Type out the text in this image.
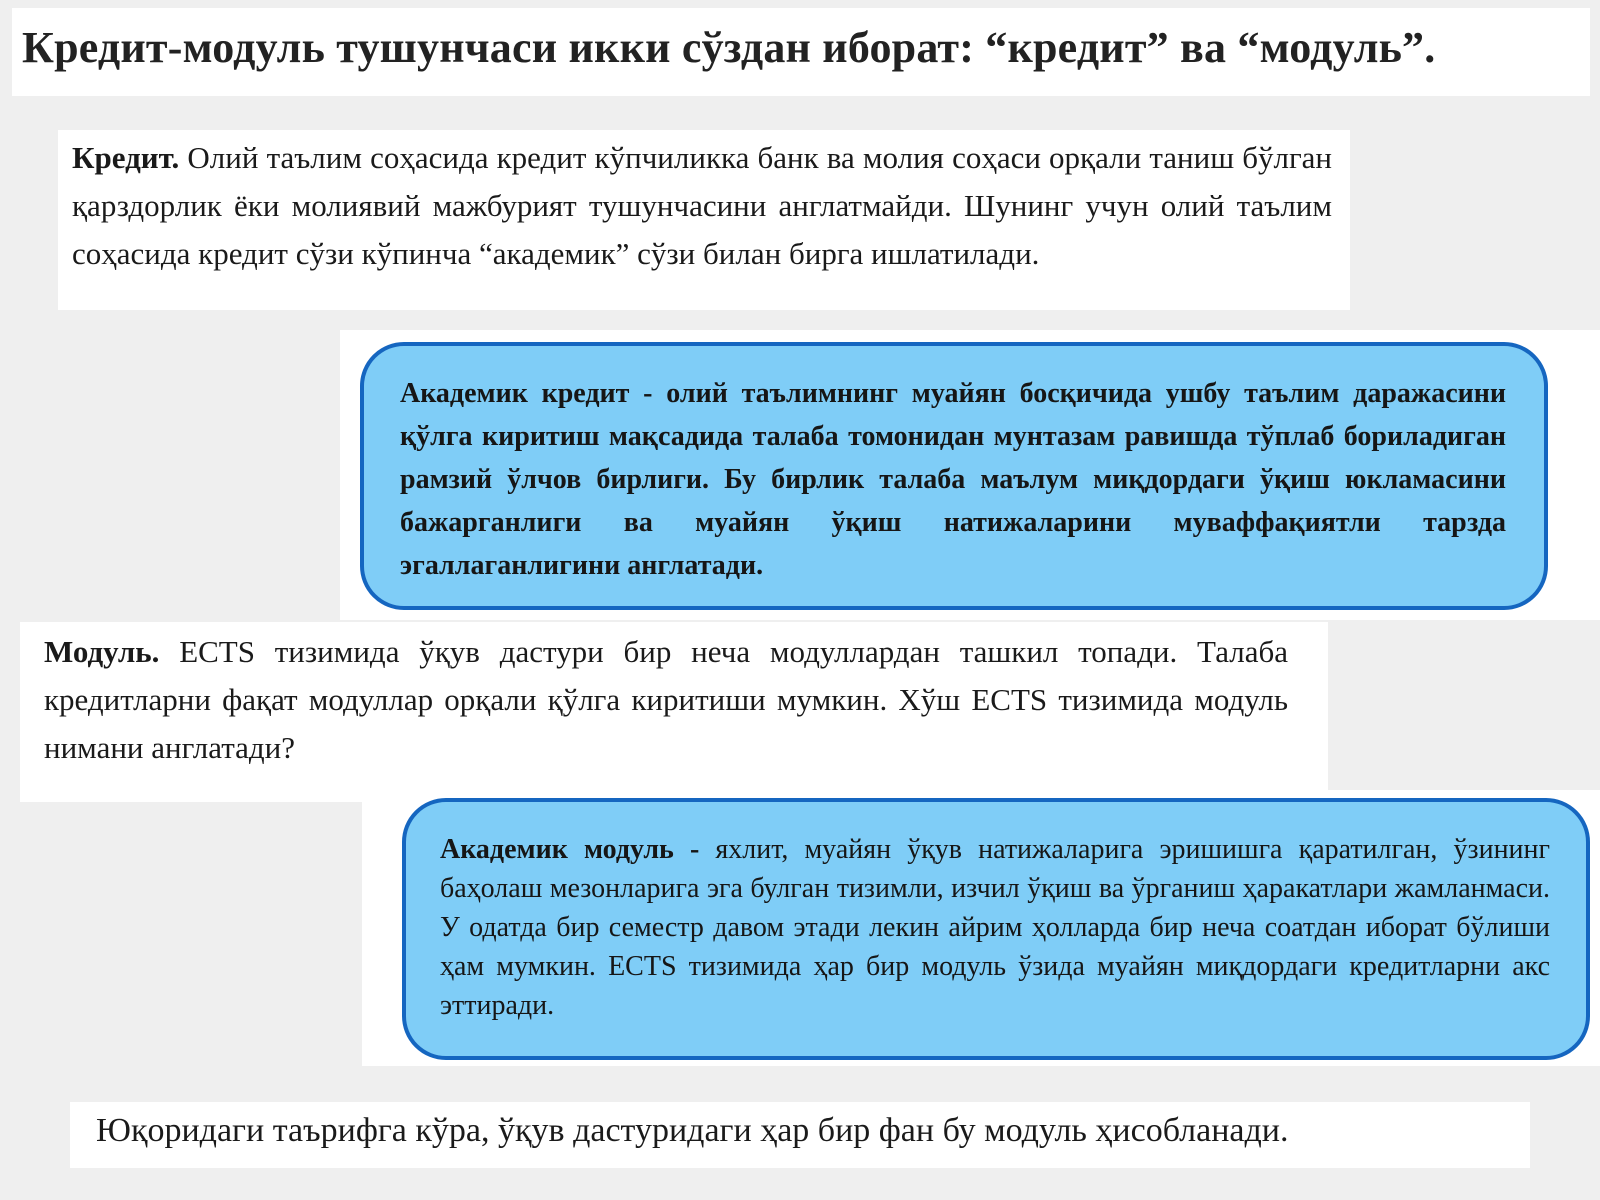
Кредит-модуль тушунчаси икки сўздан иборат: “кредит” ва “модуль”.
Кредит. Олий таълим соҳасида кредит кўпчиликка банк ва молия соҳаси орқали таниш бўлган қарздорлик ёки молиявий мажбурият тушунчасини англатмайди. Шунинг учун олий таълим соҳасида кредит сўзи кўпинча “академик” сўзи билан бирга ишлатилади.
Академик кредит - олий таълимнинг муайян босқичида ушбу таълим даражасини қўлга киритиш мақсадида талаба томонидан мунтазам равишда тўплаб бориладиган рамзий ўлчов бирлиги. Бу бирлик талаба маълум миқдордаги ўқиш юкламасини бажарганлиги ва муайян ўқиш натижаларини муваффақиятли тарзда эгаллаганлигини англатади.
Модуль. ECTS тизимида ўқув дастури бир неча модуллардан ташкил топади. Талаба кредитларни фақат модуллар орқали қўлга киритиши мумкин. Хўш ECTS тизимида модуль нимани англатади?
Академик модуль - яхлит, муайян ўқув натижаларига эришишга қаратилган, ўзининг баҳолаш мезонларига эга булган тизимли, изчил ўқиш ва ўрганиш ҳаракатлари жамланмаси. У одатда бир семестр давом этади лекин айрим ҳолларда бир неча соатдан иборат бўлиши ҳам мумкин. ECTS тизимида ҳар бир модуль ўзида муайян миқдордаги кредитларни акс эттиради.
Юқоридаги таърифга кўра, ўқув дастуридаги ҳар бир фан бу модуль ҳисобланади.
